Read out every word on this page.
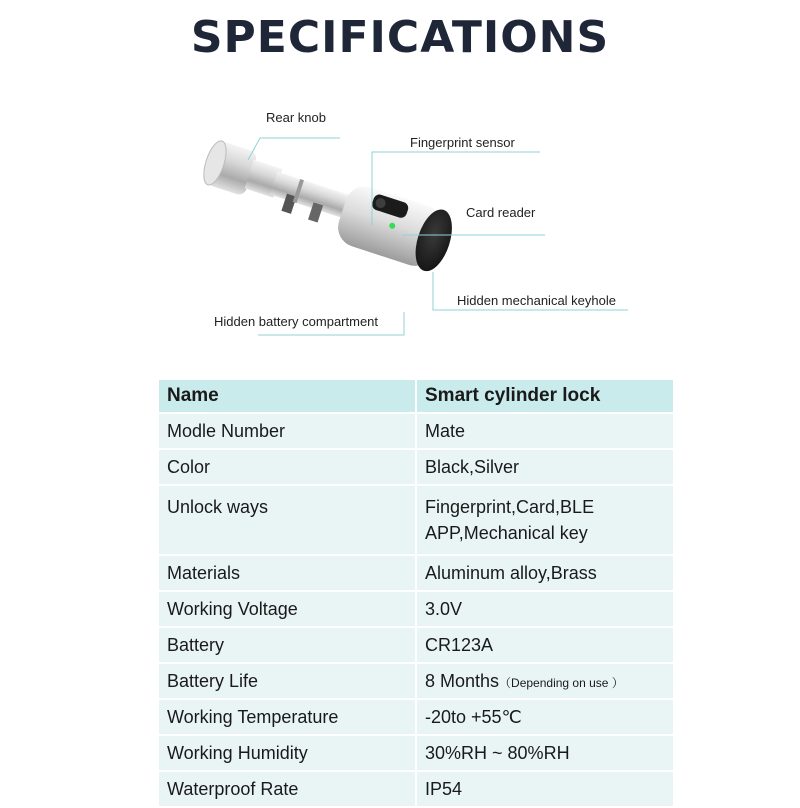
SPECIFICATIONS
Rear knob
Fingerprint sensor
Card reader
Hidden mechanical keyhole
Hidden battery compartment
Name	Smart cylinder lock
Modle Number	Mate
Color	Black,Silver
Unlock ways	Fingerprint,Card,BLE
APP,Mechanical key

Materials	Aluminum alloy,Brass
Working Voltage	3.0V
Battery	CR123A
Battery Life	8 Months（Depending on use ）
Working Temperature	-20to +55℃
Working Humidity	30%RH ~ 80%RH
Waterproof Rate	IP54
